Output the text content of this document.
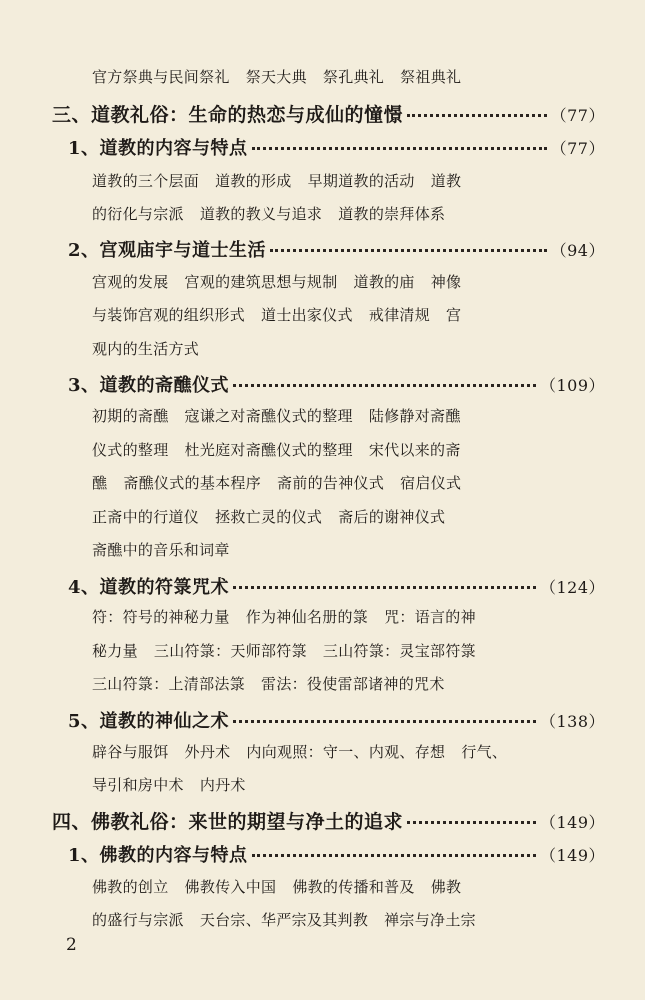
官方祭典与民间祭礼 祭天大典 祭孔典礼 祭祖典礼
三、道教礼俗：生命的热恋与成仙的憧憬	（77）
1、道教的内容与特点	（77）
道教的三个层面 道教的形成 早期道教的活动 道教
的衍化与宗派 道教的教义与追求 道教的崇拜体系
2、宫观庙宇与道士生活	（94）
宫观的发展 宫观的建筑思想与规制 道教的庙 神像
与装饰宫观的组织形式 道士出家仪式 戒律清规 宫
观内的生活方式
3、道教的斋醮仪式	（109）
初期的斋醮 寇谦之对斋醮仪式的整理 陆修静对斋醮
仪式的整理 杜光庭对斋醮仪式的整理 宋代以来的斋
醮 斋醮仪式的基本程序 斋前的告神仪式 宿启仪式
正斋中的行道仪 拯救亡灵的仪式 斋后的谢神仪式
斋醮中的音乐和词章
4、道教的符箓咒术	（124）
符：符号的神秘力量 作为神仙名册的箓 咒：语言的神
秘力量 三山符箓：天师部符箓 三山符箓：灵宝部符箓
三山符箓：上清部法箓 雷法：役使雷部诸神的咒术
5、道教的神仙之术	（138）
辟谷与服饵 外丹术 内向观照：守一、内观、存想 行气、
导引和房中术 内丹术
四、佛教礼俗：来世的期望与净土的追求	（149）
1、佛教的内容与特点	（149）
佛教的创立 佛教传入中国 佛教的传播和普及 佛教
的盛行与宗派 天台宗、华严宗及其判教 禅宗与净土宗
2
